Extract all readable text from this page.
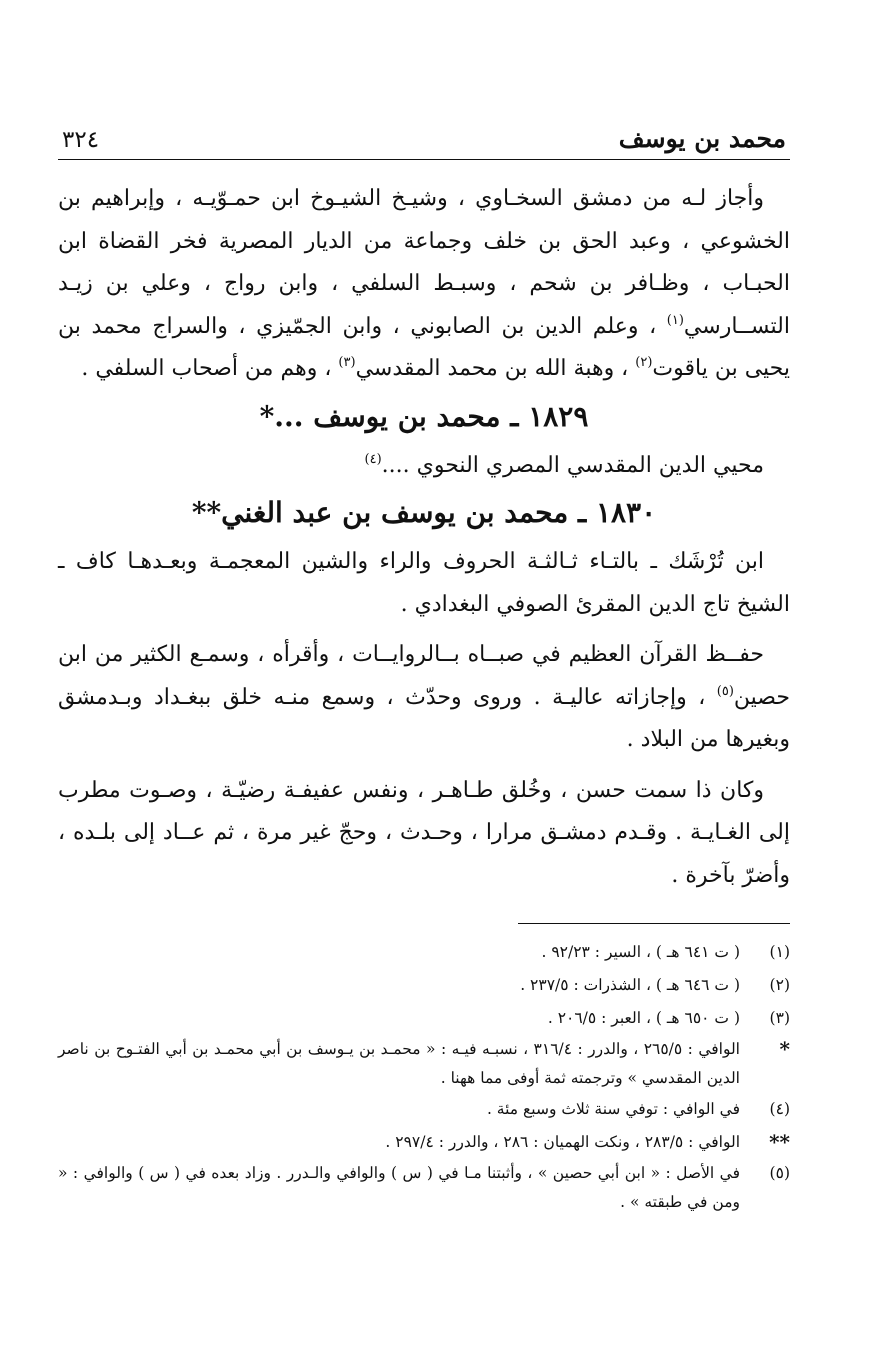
محمد بن يوسف
٣٢٤

وأجاز لـه من دمشق السخـاوي ، وشيـخ الشيـوخ ابن حمـوّيـه ، وإبراهيم بن الخشوعي ، وعبد الحق بن خلف وجماعة من الديار المصرية فخر القضاة ابن الحبـاب ، وظـافر بن شحم ، وسبـط السلفي ، وابن رواج ، وعلي بن زيـد التســارسي$^{(١)}$ ، وعلم الدين بن الصابوني ، وابن الجمّيزي ، والسراج محمد بن يحيى بن ياقوت$^{(٢)}$ ، وهبة الله بن محمد المقدسي$^{(٣)}$ ، وهم من أصحاب السلفي .

١٨٢٩ ـ محمد بن يوسف ...*

محيي الدين المقدسي المصري النحوي ....$^{(٤)}$

١٨٣٠ ـ محمد بن يوسف بن عبد الغني**

ابن تُرْشَك ـ بالتـاء ثـالثـة الحروف والراء والشين المعجمـة وبعـدهـا كاف ـ الشيخ تاج الدين المقرئ الصوفي البغدادي .

حفــظ القرآن العظيم في صبــاه بــالروايــات ، وأقرأه ، وسمـع الكثير من ابن حصين$^{(٥)}$ ، وإجازاته عاليـة . وروى وحدّث ، وسمع منـه خلق ببغـداد وبـدمشق وبغيرها من البلاد .

وكان ذا سمت حسن ، وخُلق طـاهـر ، ونفس عفيفـة رضيّـة ، وصـوت مطرب إلى الغـايـة . وقـدم دمشـق مرارا ، وحـدث ، وحجّ غير مرة ، ثم عــاد إلى بلـده ، وأضرّ بآخرة .

(١)
( ت ٦٤١ هـ ) ، السير : ٩٢/٢٣ .
(٢)
( ت ٦٤٦ هـ ) ، الشذرات : ٢٣٧/٥ .
(٣)
( ت ٦٥٠ هـ ) ، العبر : ٢٠٦/٥ .
*
الوافي : ٢٦٥/٥ ، والدرر : ٣١٦/٤ ، نسبـه فيـه : « محمـد بن يـوسف بن أبي محمـد بن أبي الفتـوح بن ناصر الدين المقدسي » وترجمته ثمة أوفى مما ههنا .
(٤)
في الوافي : توفي سنة ثلاث وسبع مئة .
**
الوافي : ٢٨٣/٥ ، ونكت الهميان : ٢٨٦ ، والدرر : ٢٩٧/٤ .
(٥)
في الأصل : « ابن أبي حصين » ، وأثبتنا مـا في ( س ) والوافي والـدرر . وزاد بعده في ( س ) والوافي : « ومن في طبقته » .
